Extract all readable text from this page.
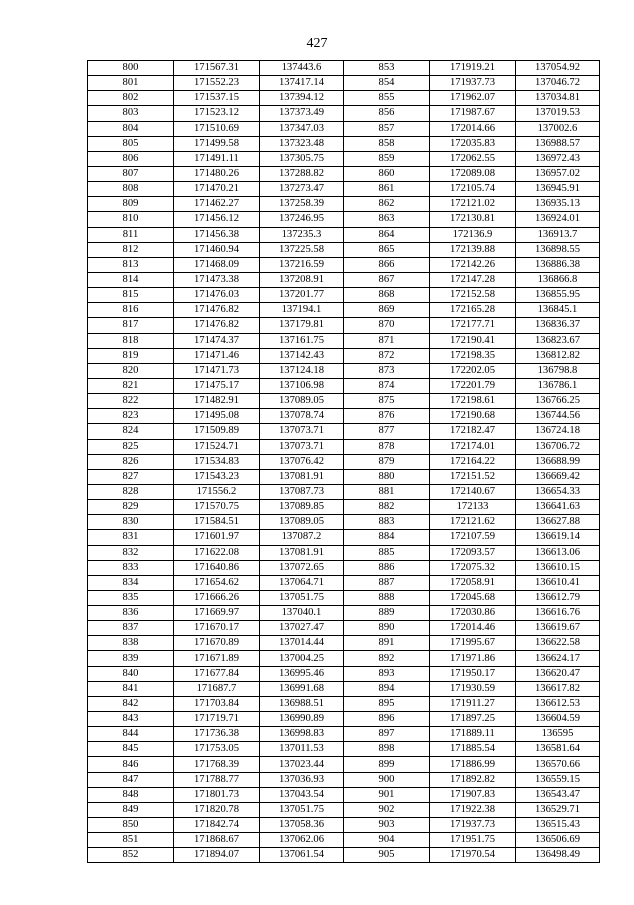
427
800	171567.31	137443.6	853	171919.21	137054.92
801	171552.23	137417.14	854	171937.73	137046.72
802	171537.15	137394.12	855	171962.07	137034.81
803	171523.12	137373.49	856	171987.67	137019.53
804	171510.69	137347.03	857	172014.66	137002.6
805	171499.58	137323.48	858	172035.83	136988.57
806	171491.11	137305.75	859	172062.55	136972.43
807	171480.26	137288.82	860	172089.08	136957.02
808	171470.21	137273.47	861	172105.74	136945.91
809	171462.27	137258.39	862	172121.02	136935.13
810	171456.12	137246.95	863	172130.81	136924.01
811	171456.38	137235.3	864	172136.9	136913.7
812	171460.94	137225.58	865	172139.88	136898.55
813	171468.09	137216.59	866	172142.26	136886.38
814	171473.38	137208.91	867	172147.28	136866.8
815	171476.03	137201.77	868	172152.58	136855.95
816	171476.82	137194.1	869	172165.28	136845.1
817	171476.82	137179.81	870	172177.71	136836.37
818	171474.37	137161.75	871	172190.41	136823.67
819	171471.46	137142.43	872	172198.35	136812.82
820	171471.73	137124.18	873	172202.05	136798.8
821	171475.17	137106.98	874	172201.79	136786.1
822	171482.91	137089.05	875	172198.61	136766.25
823	171495.08	137078.74	876	172190.68	136744.56
824	171509.89	137073.71	877	172182.47	136724.18
825	171524.71	137073.71	878	172174.01	136706.72
826	171534.83	137076.42	879	172164.22	136688.99
827	171543.23	137081.91	880	172151.52	136669.42
828	171556.2	137087.73	881	172140.67	136654.33
829	171570.75	137089.85	882	172133	136641.63
830	171584.51	137089.05	883	172121.62	136627.88
831	171601.97	137087.2	884	172107.59	136619.14
832	171622.08	137081.91	885	172093.57	136613.06
833	171640.86	137072.65	886	172075.32	136610.15
834	171654.62	137064.71	887	172058.91	136610.41
835	171666.26	137051.75	888	172045.68	136612.79
836	171669.97	137040.1	889	172030.86	136616.76
837	171670.17	137027.47	890	172014.46	136619.67
838	171670.89	137014.44	891	171995.67	136622.58
839	171671.89	137004.25	892	171971.86	136624.17
840	171677.84	136995.46	893	171950.17	136620.47
841	171687.7	136991.68	894	171930.59	136617.82
842	171703.84	136988.51	895	171911.27	136612.53
843	171719.71	136990.89	896	171897.25	136604.59
844	171736.38	136998.83	897	171889.11	136595
845	171753.05	137011.53	898	171885.54	136581.64
846	171768.39	137023.44	899	171886.99	136570.66
847	171788.77	137036.93	900	171892.82	136559.15
848	171801.73	137043.54	901	171907.83	136543.47
849	171820.78	137051.75	902	171922.38	136529.71
850	171842.74	137058.36	903	171937.73	136515.43
851	171868.67	137062.06	904	171951.75	136506.69
852	171894.07	137061.54	905	171970.54	136498.49
